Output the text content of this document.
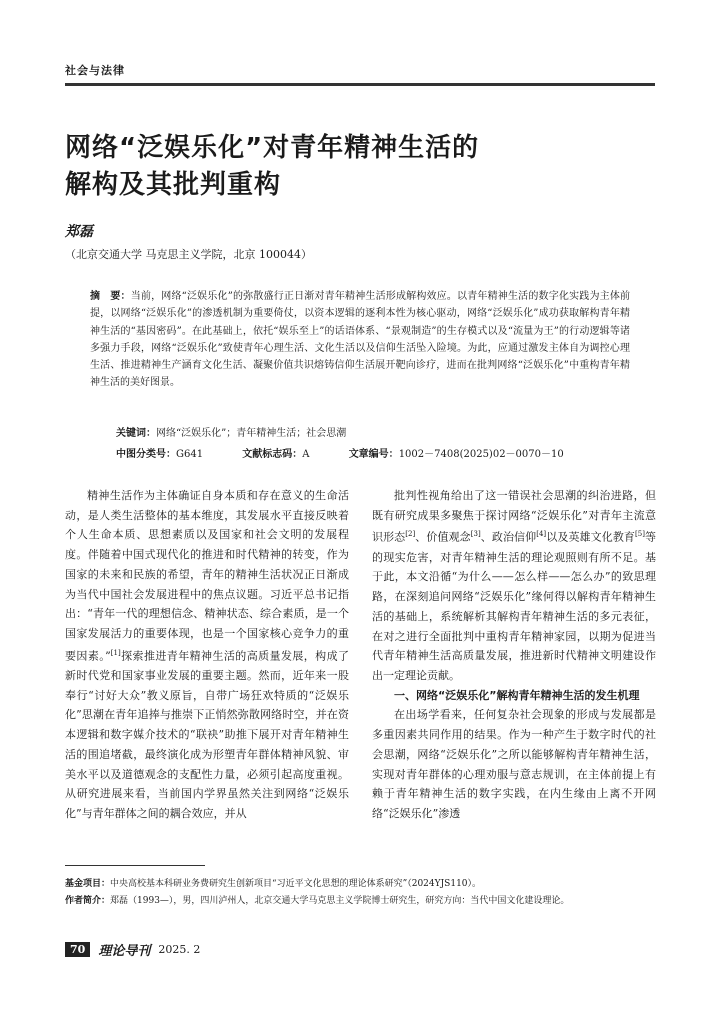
社会与法律
网络“泛娱乐化”对青年精神生活的
解构及其批判重构
郑磊
（北京交通大学 马克思主义学院，北京 100044）
摘　要：当前，网络“泛娱乐化”的弥散盛行正日渐对青年精神生活形成解构效应。以青年精神生活的数字化实践为主体前提，以网络“泛娱乐化”的渗透机制为重要倚仗，以资本逻辑的逐利本性为核心驱动，网络“泛娱乐化”成功获取解构青年精神生活的“基因密码”。在此基础上，依托“娱乐至上”的话语体系、“景观制造”的生存模式以及“流量为王”的行动逻辑等诸多强力手段，网络“泛娱乐化”致使青年心理生活、文化生活以及信仰生活坠入险境。为此，应通过激发主体自为调控心理生活、推进精神生产涵育文化生活、凝聚价值共识熔铸信仰生活展开靶向诊疗，进而在批判网络“泛娱乐化”中重构青年精神生活的美好图景。
关键词：网络“泛娱乐化”；青年精神生活；社会思潮
中图分类号：G641	文献标志码：A	文章编号：1002－7408(2025)02－0070－10

精神生活作为主体确证自身本质和存在意义的生命活动，是人类生活整体的基本维度，其发展水平直接反映着个人生命本质、思想素质以及国家和社会文明的发展程度。伴随着中国式现代化的推进和时代精神的转变，作为国家的未来和民族的希望，青年的精神生活状况正日渐成为当代中国社会发展进程中的焦点议题。习近平总书记指出：“青年一代的理想信念、精神状态、综合素质，是一个国家发展活力的重要体现，也是一个国家核心竞争力的重要因素。”[1]探索推进青年精神生活的高质量发展，构成了新时代党和国家事业发展的重要主题。然而，近年来一股奉行“讨好大众”教义原旨，自带广场狂欢特质的“泛娱乐化”思潮在青年追捧与推崇下正悄然弥散网络时空，并在资本逻辑和数字媒介技术的“联袂”助推下展开对青年精神生活的围追堵截，最终演化成为形塑青年群体精神风貌、审美水平以及道德观念的支配性力量，必须引起高度重视。从研究进展来看，当前国内学界虽然关注到网络“泛娱乐化”与青年群体之间的耦合效应，并从

批判性视角给出了这一错误社会思潮的纠治进路，但既有研究成果多聚焦于探讨网络“泛娱乐化”对青年主流意识形态[2]、价值观念[3]、政治信仰[4]以及英雄文化教育[5]等的现实危害，对青年精神生活的理论观照则有所不足。基于此，本文沿循“为什么——怎么样——怎么办”的致思理路，在深刻追问网络“泛娱乐化”缘何得以解构青年精神生活的基础上，系统解析其解构青年精神生活的多元表征，在对之进行全面批判中重构青年精神家园，以期为促进当代青年精神生活高质量发展，推进新时代精神文明建设作出一定理论贡献。

一、网络“泛娱乐化”解构青年精神生活的发生机理

在出场学看来，任何复杂社会现象的形成与发展都是多重因素共同作用的结果。作为一种产生于数字时代的社会思潮，网络“泛娱乐化”之所以能够解构青年精神生活，实现对青年群体的心理劝服与意志规训，在主体前提上有赖于青年精神生活的数字实践，在内生缘由上离不开网络“泛娱乐化”渗透

基金项目：中央高校基本科研业务费研究生创新项目“习近平文化思想的理论体系研究”（2024YJS110）。
作者简介：郑磊（1993—），男，四川泸州人，北京交通大学马克思主义学院博士研究生，研究方向：当代中国文化建设理论。
70	理论导刊 2025. 2
